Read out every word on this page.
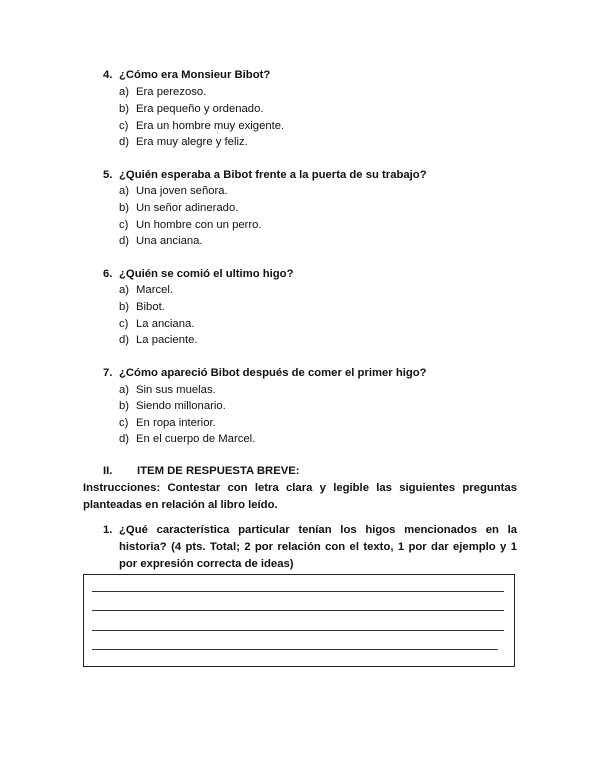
4. ¿Cómo era Monsieur Bibot?
a) Era perezoso.
b) Era pequeño y ordenado.
c) Era un hombre muy exigente.
d) Era muy alegre y feliz.
5. ¿Quién esperaba a Bibot frente a la puerta de su trabajo?
a) Una joven señora.
b) Un señor adinerado.
c) Un hombre con un perro.
d) Una anciana.
6. ¿Quién se comió el ultimo higo?
a) Marcel.
b) Bibot.
c) La anciana.
d) La paciente.
7. ¿Cómo apareció Bibot después de comer el primer higo?
a) Sin sus muelas.
b) Siendo millonario.
c) En ropa interior.
d) En el cuerpo de Marcel.
II. ITEM DE RESPUESTA BREVE:
Instrucciones: Contestar con letra clara y legible las siguientes preguntas planteadas en relación al libro leído.
1. ¿Qué característica particular tenían los higos mencionados en la historia? (4 pts. Total; 2 por relación con el texto, 1 por dar ejemplo y 1 por expresión correcta de ideas)
